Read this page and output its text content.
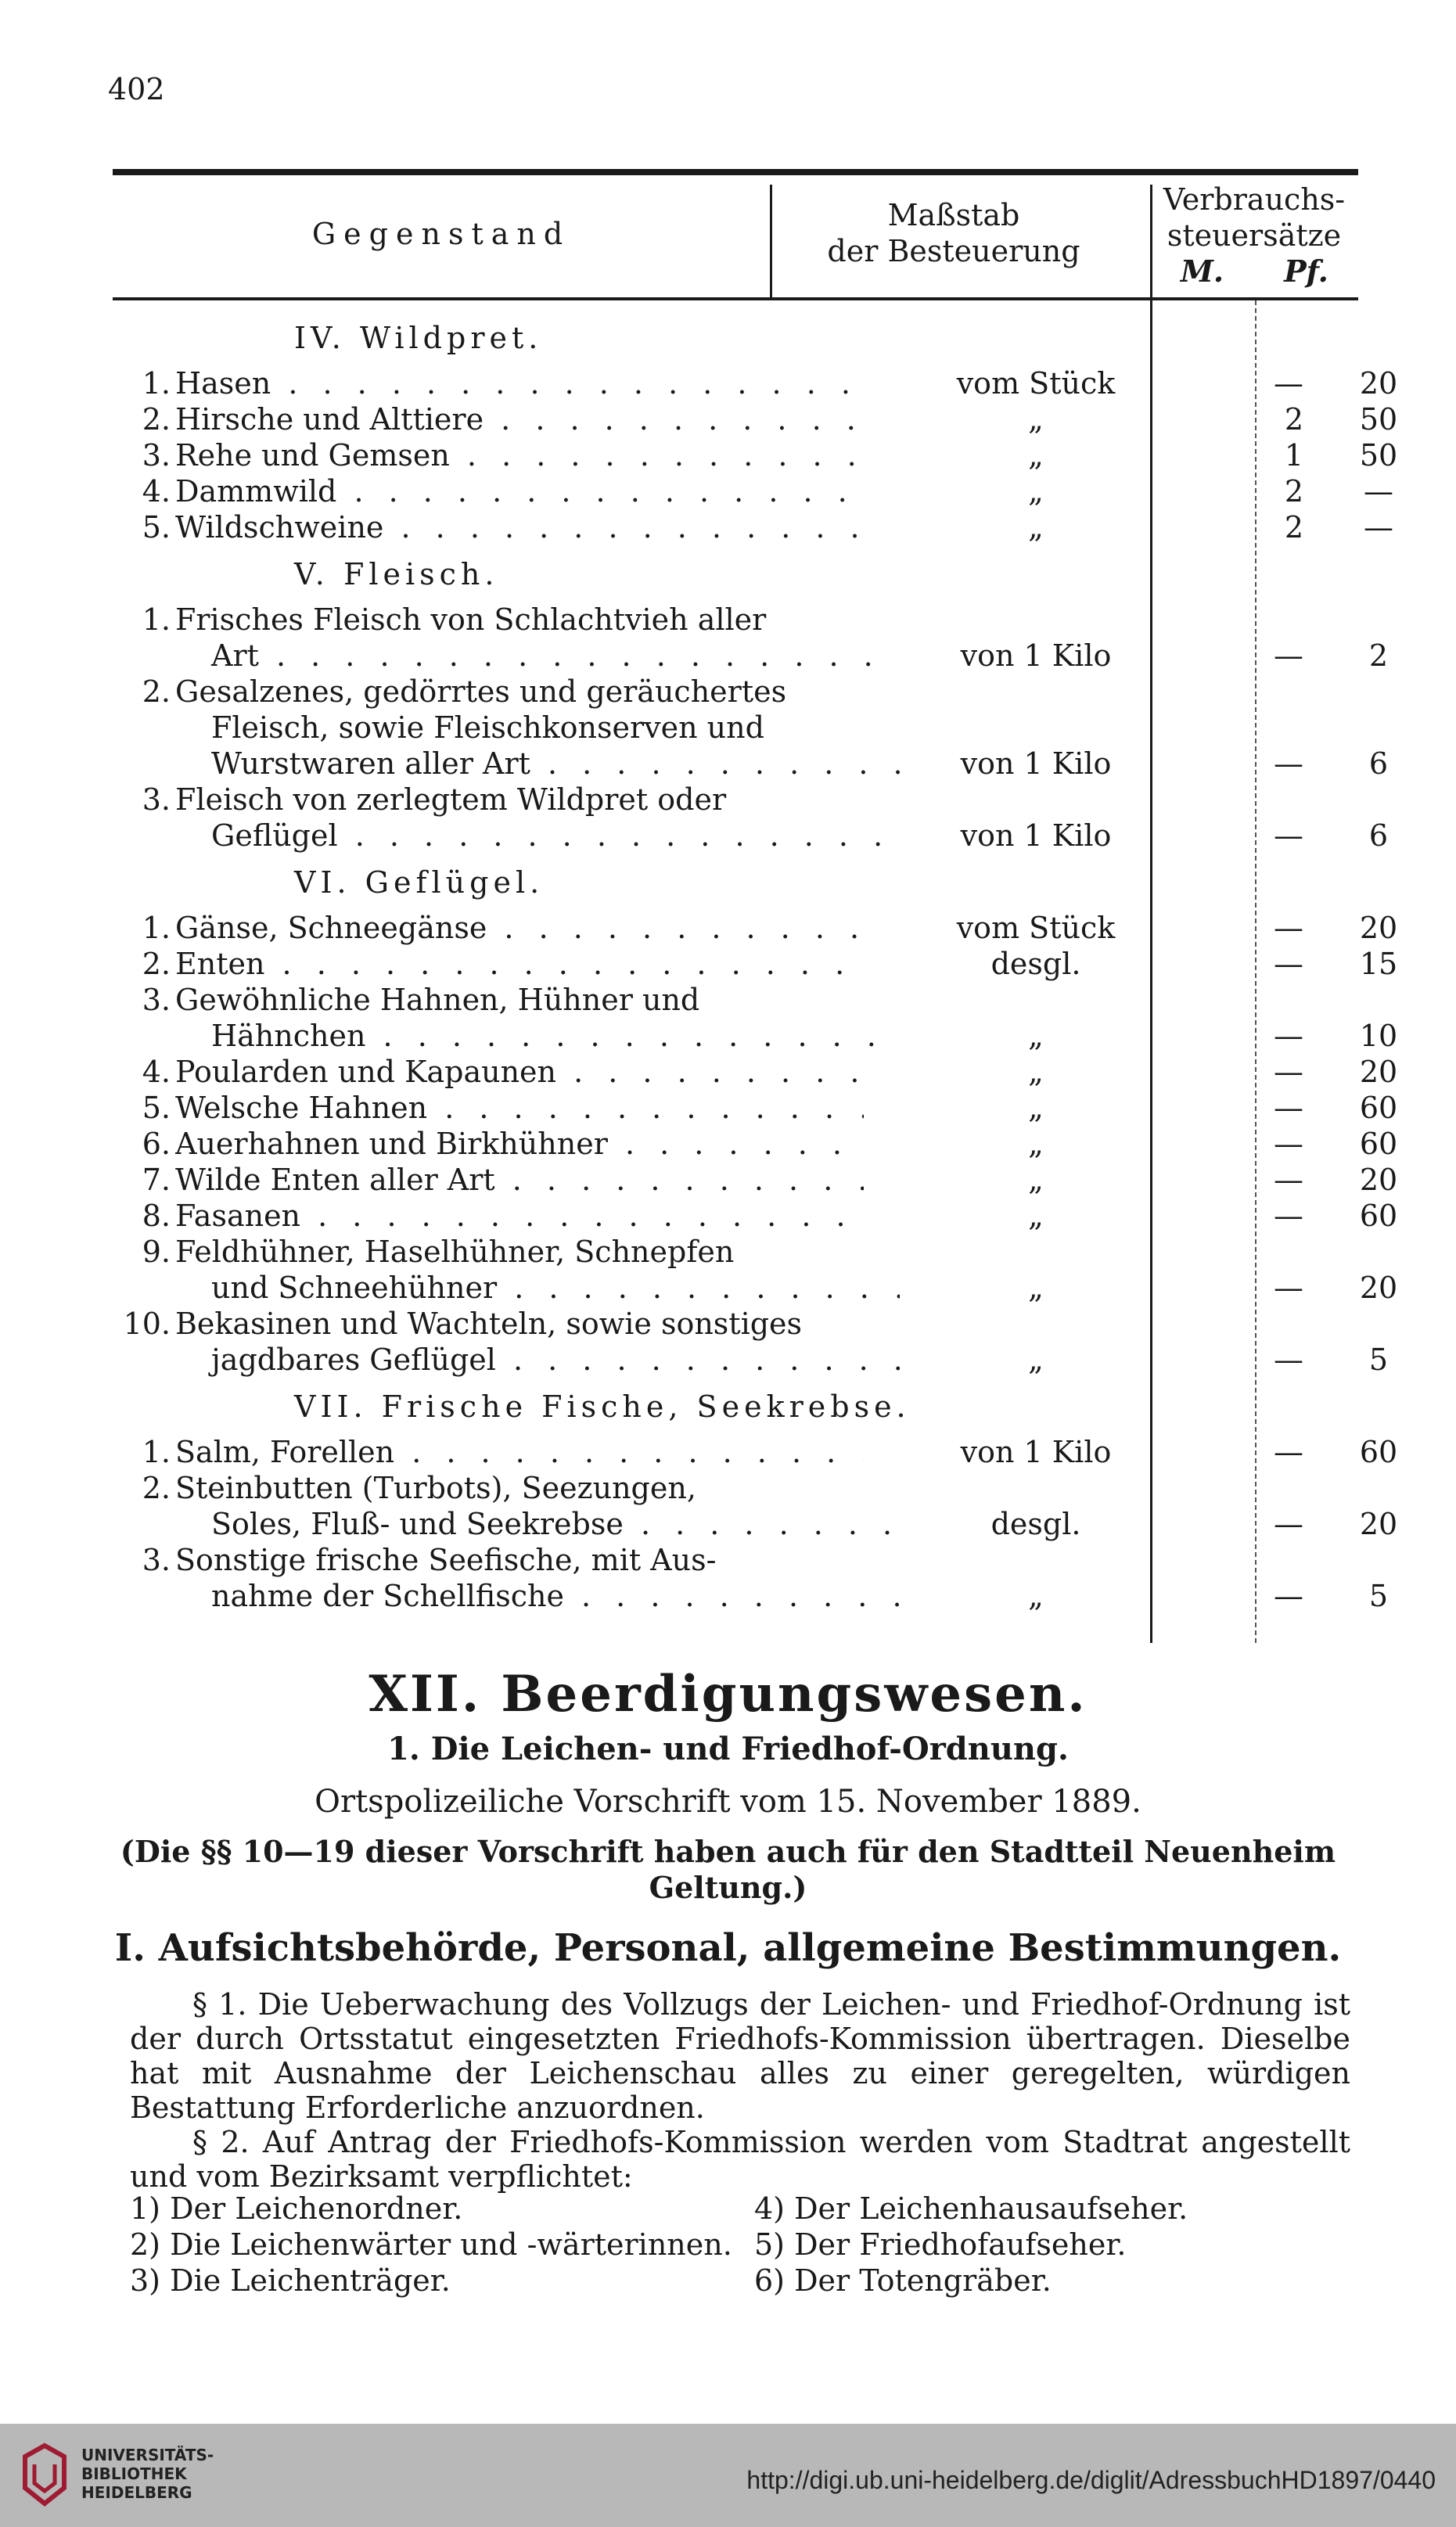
402
Gegenstand
Maßstab
der Besteuerung
Verbrauchs-
steuersätze
M. Pf.
IV. Wildpret.
1. Hasen . .	vom Stück	—	20
2. Hirsche und Alttiere . .	„	2	50
3. Rehe und Gemsen . .	„	1	50
4. Dammwild . .	„	2	—
5. Wildschweine . .	„	2	—
V. Fleisch.
1. Frisches Fleisch von Schlachtvieh aller
Art . .	von 1 Kilo	—	2
2. Gesalzenes, gedörrtes und geräuchertes
Fleisch, sowie Fleischkonserven und
Wurstwaren aller Art . .	von 1 Kilo	—	6
3. Fleisch von zerlegtem Wildpret oder
Geflügel . .	von 1 Kilo	—	6
VI. Geflügel.
1. Gänse, Schneegänse . .	vom Stück	—	20
2. Enten . .	desgl.	—	15
3. Gewöhnliche Hahnen, Hühner und
Hähnchen . .	„	—	10
4. Poularden und Kapaunen . .	„	—	20
5. Welsche Hahnen . .	„	—	60
6. Auerhahnen und Birkhühner . .	„	—	60
7. Wilde Enten aller Art . .	„	—	20
8. Fasanen . .	„	—	60
9. Feldhühner, Haselhühner, Schnepfen
und Schneehühner . .	„	—	20
10. Bekasinen und Wachteln, sowie sonstiges
jagdbares Geflügel . .	„	—	5
VII. Frische Fische, Seekrebse.
1. Salm, Forellen . .	von 1 Kilo	—	60
2. Steinbutten (Turbots), Seezungen,
Soles, Fluß- und Seekrebse . .	desgl.	—	20
3. Sonstige frische Seefische, mit Aus-
nahme der Schellfische . .	„	—	5
XII. Beerdigungswesen.
1. Die Leichen- und Friedhof-Ordnung.
Ortspolizeiliche Vorschrift vom 15. November 1889.
(Die §§ 10—19 dieser Vorschrift haben auch für den Stadtteil Neuenheim
Geltung.)
I. Aufsichtsbehörde, Personal, allgemeine Bestimmungen.
§ 1. Die Ueberwachung des Vollzugs der Leichen- und Friedhof-Ordnung ist der durch Ortsstatut eingesetzten Friedhofs-Kommission übertragen. Dieselbe hat mit Ausnahme der Leichenschau alles zu einer geregelten, würdigen Bestattung Erforderliche anzuordnen.
§ 2. Auf Antrag der Friedhofs-Kommission werden vom Stadtrat angestellt und vom Bezirksamt verpflichtet:
1) Der Leichenordner.
2) Die Leichenwärter und -wärterinnen.
3) Die Leichenträger.
4) Der Leichenhausaufseher.
5) Der Friedhofaufseher.
6) Der Totengräber.
UNIVERSITÄTS-
BIBLIOTHEK
HEIDELBERG	http://digi.ub.uni-heidelberg.de/diglit/AdressbuchHD1897/0440
